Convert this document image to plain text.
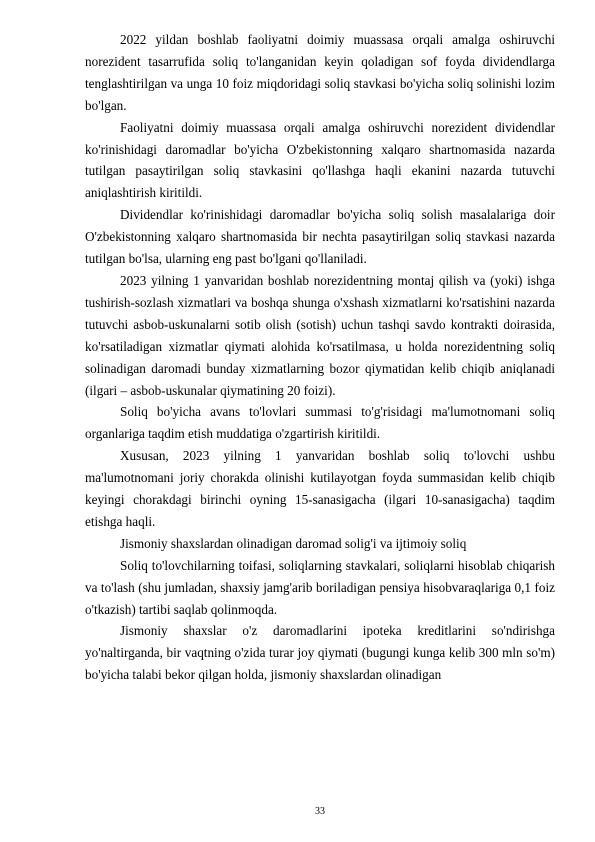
2022 yildan boshlab faoliyatni doimiy muassasa orqali amalga oshiruvchi norezident tasarrufida soliq to'langanidan keyin qoladigan sof foyda dividendlarga tenglashtirilgan va unga 10 foiz miqdoridagi soliq stavkasi bo'yicha soliq solinishi lozim bo'lgan.

Faoliyatni doimiy muassasa orqali amalga oshiruvchi norezident dividendlar ko'rinishidagi daromadlar bo'yicha O'zbekistonning xalqaro shartnomasida nazarda tutilgan pasaytirilgan soliq stavkasini qo'llashga haqli ekanini nazarda tutuvchi aniqlashtirish kiritildi.

Dividendlar ko'rinishidagi daromadlar bo'yicha soliq solish masalalariga doir O'zbekistonning xalqaro shartnomasida bir nechta pasaytirilgan soliq stavkasi nazarda tutilgan bo'lsa, ularning eng past bo'lgani qo'llaniladi.

2023 yilning 1 yanvaridan boshlab norezidentning montaj qilish va (yoki) ishga tushirish-sozlash xizmatlari va boshqa shunga o'xshash xizmatlarni ko'rsatishini nazarda tutuvchi asbob-uskunalarni sotib olish (sotish) uchun tashqi savdo kontrakti doirasida, ko'rsatiladigan xizmatlar qiymati alohida ko'rsatilmasa, u holda norezidentning soliq solinadigan daromadi bunday xizmatlarning bozor qiymatidan kelib chiqib aniqlanadi (ilgari – asbob-uskunalar qiymatining 20 foizi).

Soliq bo'yicha avans to'lovlari summasi to'g'risidagi ma'lumotnomani soliq organlariga taqdim etish muddatiga o'zgartirish kiritildi.

Xususan, 2023 yilning 1 yanvaridan boshlab soliq to'lovchi ushbu ma'lumotnomani joriy chorakda olinishi kutilayotgan foyda summasidan kelib chiqib keyingi chorakdagi birinchi oyning 15-sanasigacha (ilgari 10-sanasigacha) taqdim etishga haqli.

Jismoniy shaxslardan olinadigan daromad solig'i va ijtimoiy soliq

Soliq to'lovchilarning toifasi, soliqlarning stavkalari, soliqlarni hisoblab chiqarish va to'lash (shu jumladan, shaxsiy jamg'arib boriladigan pensiya hisobvaraqlariga 0,1 foiz o'tkazish) tartibi saqlab qolinmoqda.

Jismoniy shaxslar o'z daromadlarini ipoteka kreditlarini so'ndirishga yo'naltirganda, bir vaqtning o'zida turar joy qiymati (bugungi kunga kelib 300 mln so'm) bo'yicha talabi bekor qilgan holda, jismoniy shaxslardan olinadigan

33
